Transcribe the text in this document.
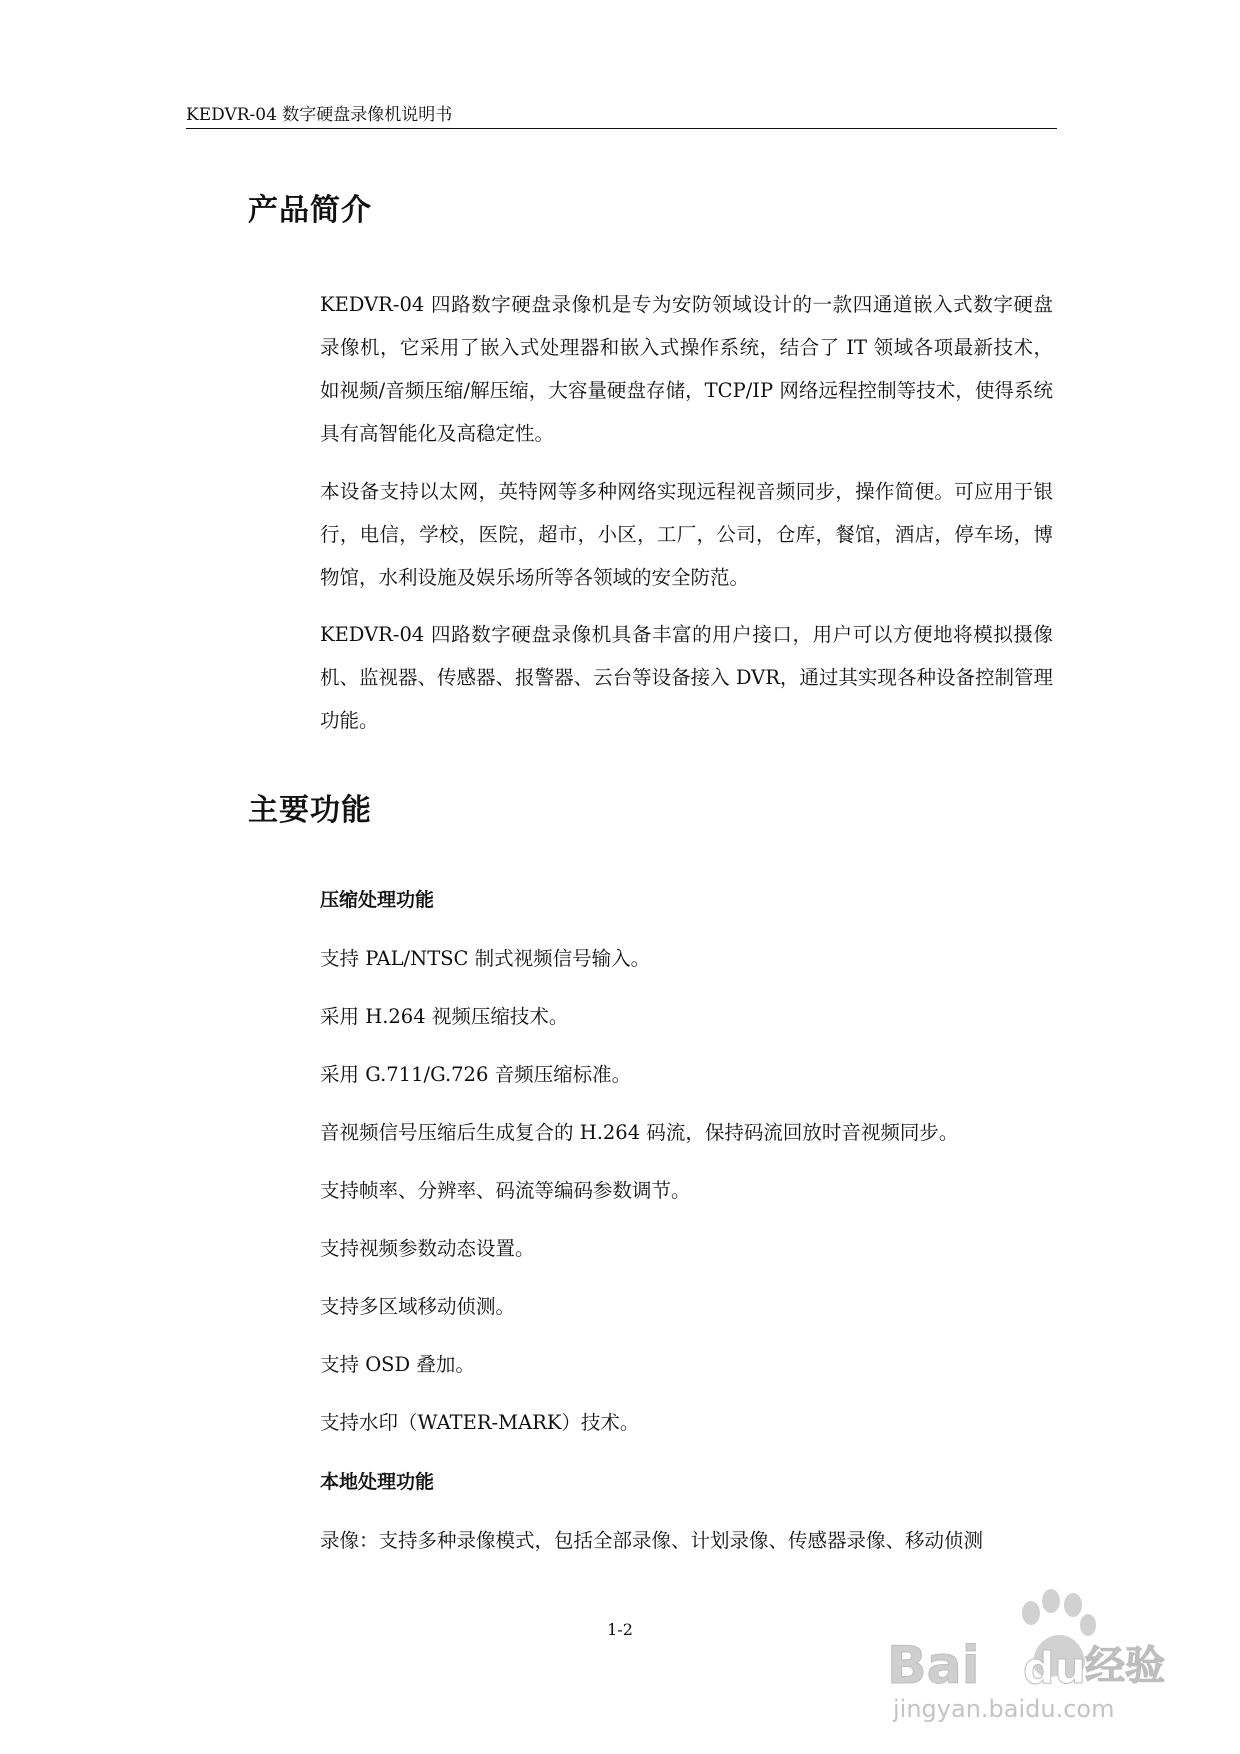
KEDVR-04 数字硬盘录像机说明书
产品简介

KEDVR-04 四路数字硬盘录像机是专为安防领域设计的一款四通道嵌入式数字硬盘录像机，它采用了嵌入式处理器和嵌入式操作系统，结合了 IT 领域各项最新技术，如视频/音频压缩/解压缩，大容量硬盘存储，TCP/IP 网络远程控制等技术，使得系统具有高智能化及高稳定性。

本设备支持以太网，英特网等多种网络实现远程视音频同步，操作简便。可应用于银行，电信，学校，医院，超市，小区，工厂，公司，仓库，餐馆，酒店，停车场，博物馆，水利设施及娱乐场所等各领域的安全防范。

KEDVR-04 四路数字硬盘录像机具备丰富的用户接口，用户可以方便地将模拟摄像机、监视器、传感器、报警器、云台等设备接入 DVR，通过其实现各种设备控制管理功能。

主要功能
压缩处理功能
支持 PAL/NTSC 制式视频信号输入。
采用 H.264 视频压缩技术。
采用 G.711/G.726 音频压缩标准。
音视频信号压缩后生成复合的 H.264 码流，保持码流回放时音视频同步。
支持帧率、分辨率、码流等编码参数调节。
支持视频参数动态设置。
支持多区域移动侦测。
支持 OSD 叠加。
支持水印（WATER-MARK）技术。
本地处理功能
录像：支持多种录像模式，包括全部录像、计划录像、传感器录像、移动侦测
1-2
Bai du 经验
jingyan.baidu.com
